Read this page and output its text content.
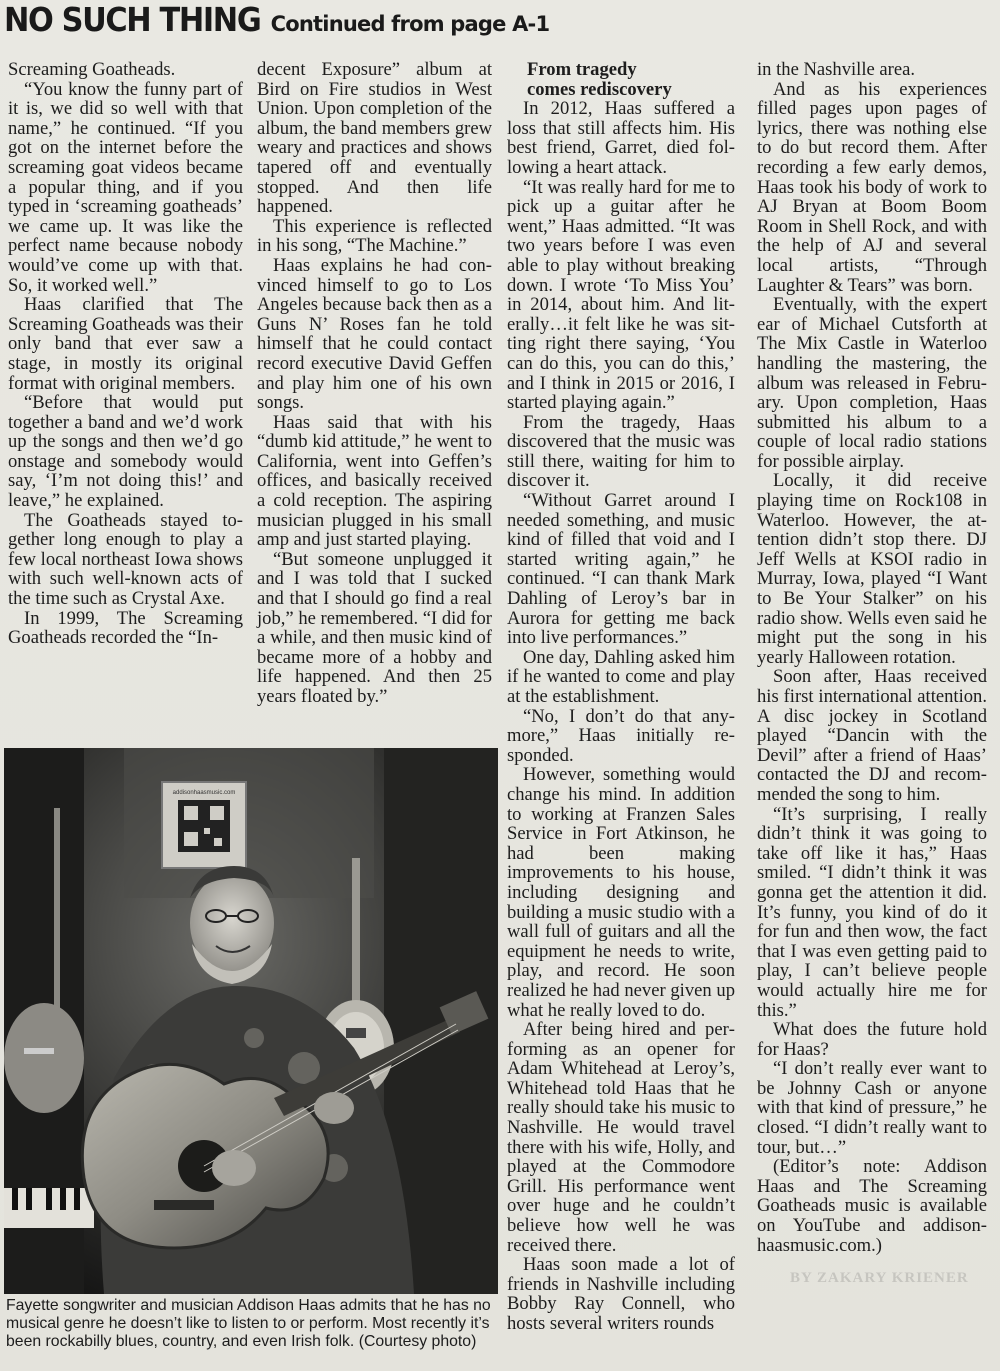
NO SUCH THING Continued from page A-1

Screaming Goatheads.

“You know the funny part of it is, we did so well with that name,” he continued. “If you got on the internet before the screaming goat videos became a popular thing, and if you typed in ‘screaming goatheads’ we came up. It was like the perfect name because nobody would’ve come up with that. So, it worked well.”

Haas clarified that The Screaming Goatheads was their only band that ever saw a stage, in mostly its original format with original members.

“Before that would put together a band and we’d work up the songs and then we’d go onstage and somebody would say, ‘I’m not doing this!’ and leave,” he explained.

The Goatheads stayed together long enough to play a few local northeast Iowa shows with such well-known acts of the time such as Crystal Axe.

In 1999, The Screaming Goatheads recorded the “In-

decent Exposure” album at Bird on Fire studios in West Union. Upon completion of the album, the band members grew weary and practices and shows tapered off and eventually stopped. And then life happened.

This experience is reflected in his song, “The Machine.”

Haas explains he had convinced himself to go to Los Angeles because back then as a Guns N’ Roses fan he told himself that he could contact record executive David Geffen and play him one of his own songs.

Haas said that with his “dumb kid attitude,” he went to California, went into Geffen’s offices, and basically received a cold reception. The aspiring musician plugged in his small amp and just started playing.

“But someone unplugged it and I was told that I sucked and that I should go find a real job,” he remembered. “I did for a while, and then music kind of became more of a hobby and life happened. And then 25 years floated by.”

From tragedy
comes rediscovery

In 2012, Haas suffered a loss that still affects him. His best friend, Garret, died following a heart attack.

“It was really hard for me to pick up a guitar after he went,” Haas admitted. “It was two years before I was even able to play without breaking down. I wrote ‘To Miss You’ in 2014, about him. And literally…it felt like he was sitting right there saying, ‘You can do this, you can do this,’ and I think in 2015 or 2016, I started playing again.”

From the tragedy, Haas discovered that the music was still there, waiting for him to discover it.

“Without Garret around I needed something, and music kind of filled that void and I started writing again,” he continued. “I can thank Mark Dahling of Leroy’s bar in Aurora for getting me back into live performances.”

One day, Dahling asked him if he wanted to come and play at the establishment.

“No, I don’t do that anymore,” Haas initially responded.

However, something would change his mind. In addition to working at Franzen Sales Service in Fort Atkinson, he had been making improvements to his house, including designing and building a music studio with a wall full of guitars and all the equipment he needs to write, play, and record. He soon realized he had never given up what he really loved to do.

After being hired and performing as an opener for Adam Whitehead at Leroy’s, Whitehead told Haas that he really should take his music to Nashville. He would travel there with his wife, Holly, and played at the Commodore Grill. His performance went over huge and he couldn’t believe how well he was received there.

Haas soon made a lot of friends in Nashville including Bobby Ray Connell, who hosts several writers rounds

in the Nashville area.

And as his experiences filled pages upon pages of lyrics, there was nothing else to do but record them. After recording a few early demos, Haas took his body of work to AJ Bryan at Boom Boom Room in Shell Rock, and with the help of AJ and several local artists, “Through Laughter & Tears” was born.

Eventually, with the expert ear of Michael Cutsforth at The Mix Castle in Waterloo handling the mastering, the album was released in February. Upon completion, Haas submitted his album to a couple of local radio stations for possible airplay.

Locally, it did receive playing time on Rock108 in Waterloo. However, the attention didn’t stop there. DJ Jeff Wells at KSOI radio in Murray, Iowa, played “I Want to Be Your Stalker” on his radio show. Wells even said he might put the song in his yearly Halloween rotation.

Soon after, Haas received his first international attention. A disc jockey in Scotland played “Dancin with the Devil” after a friend of Haas’ contacted the DJ and recommended the song to him.

“It’s surprising, I really didn’t think it was going to take off like it has,” Haas smiled. “I didn’t think it was gonna get the attention it did. It’s funny, you kind of do it for fun and then wow, the fact that I was even getting paid to play, I can’t believe people would actually hire me for this.”

What does the future hold for Haas?

“I don’t really ever want to be Johnny Cash or anyone with that kind of pressure,” he closed. “I didn’t really want to tour, but…”

(Editor’s note: Addison Haas and The Screaming Goatheads music is available on YouTube and addisonhaasmusic.com.)

addisonhaasmusic.com
Fayette songwriter and musician Addison Haas admits that he has no musical genre he doesn’t like to listen to or perform. Most recently it’s been rockabilly blues, country, and even Irish folk. (Courtesy photo)
BY ZAKARY KRIENER
